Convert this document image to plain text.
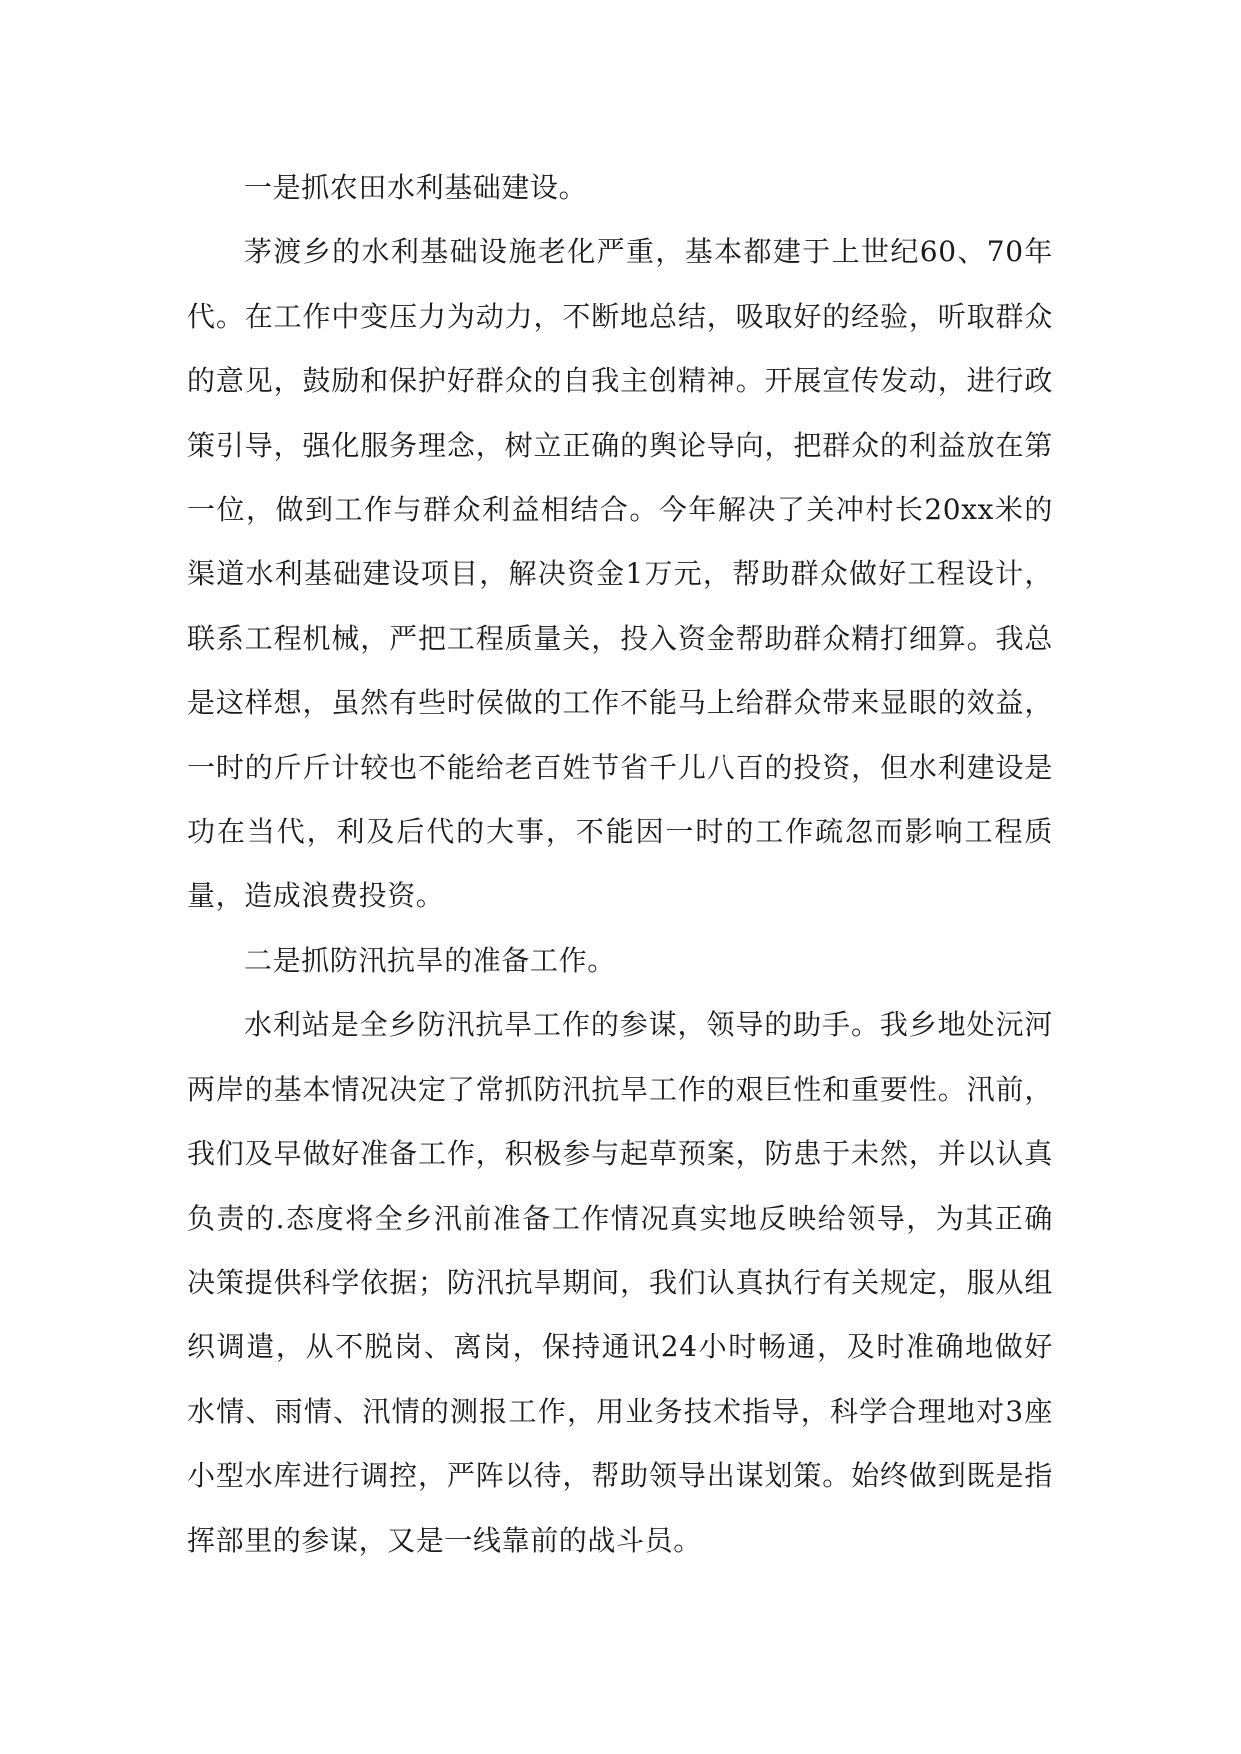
一是抓农田水利基础建设。

茅渡乡的水利基础设施老化严重，基本都建于上世纪60、70年代。在工作中变压力为动力，不断地总结，吸取好的经验，听取群众的意见，鼓励和保护好群众的自我主创精神。开展宣传发动，进行政策引导，强化服务理念，树立正确的舆论导向，把群众的利益放在第一位，做到工作与群众利益相结合。今年解决了关冲村长20xx米的渠道水利基础建设项目，解决资金1万元，帮助群众做好工程设计，联系工程机械，严把工程质量关，投入资金帮助群众精打细算。我总是这样想，虽然有些时侯做的工作不能马上给群众带来显眼的效益，一时的斤斤计较也不能给老百姓节省千儿八百的投资，但水利建设是功在当代，利及后代的大事，不能因一时的工作疏忽而影响工程质量，造成浪费投资。

二是抓防汛抗旱的准备工作。

水利站是全乡防汛抗旱工作的参谋，领导的助手。我乡地处沅河两岸的基本情况决定了常抓防汛抗旱工作的艰巨性和重要性。汛前，我们及早做好准备工作，积极参与起草预案，防患于未然，并以认真负责的.态度将全乡汛前准备工作情况真实地反映给领导，为其正确决策提供科学依据；防汛抗旱期间，我们认真执行有关规定，服从组织调遣，从不脱岗、离岗，保持通讯24小时畅通，及时准确地做好水情、雨情、汛情的测报工作，用业务技术指导，科学合理地对3座小型水库进行调控，严阵以待，帮助领导出谋划策。始终做到既是指挥部里的参谋，又是一线靠前的战斗员。
